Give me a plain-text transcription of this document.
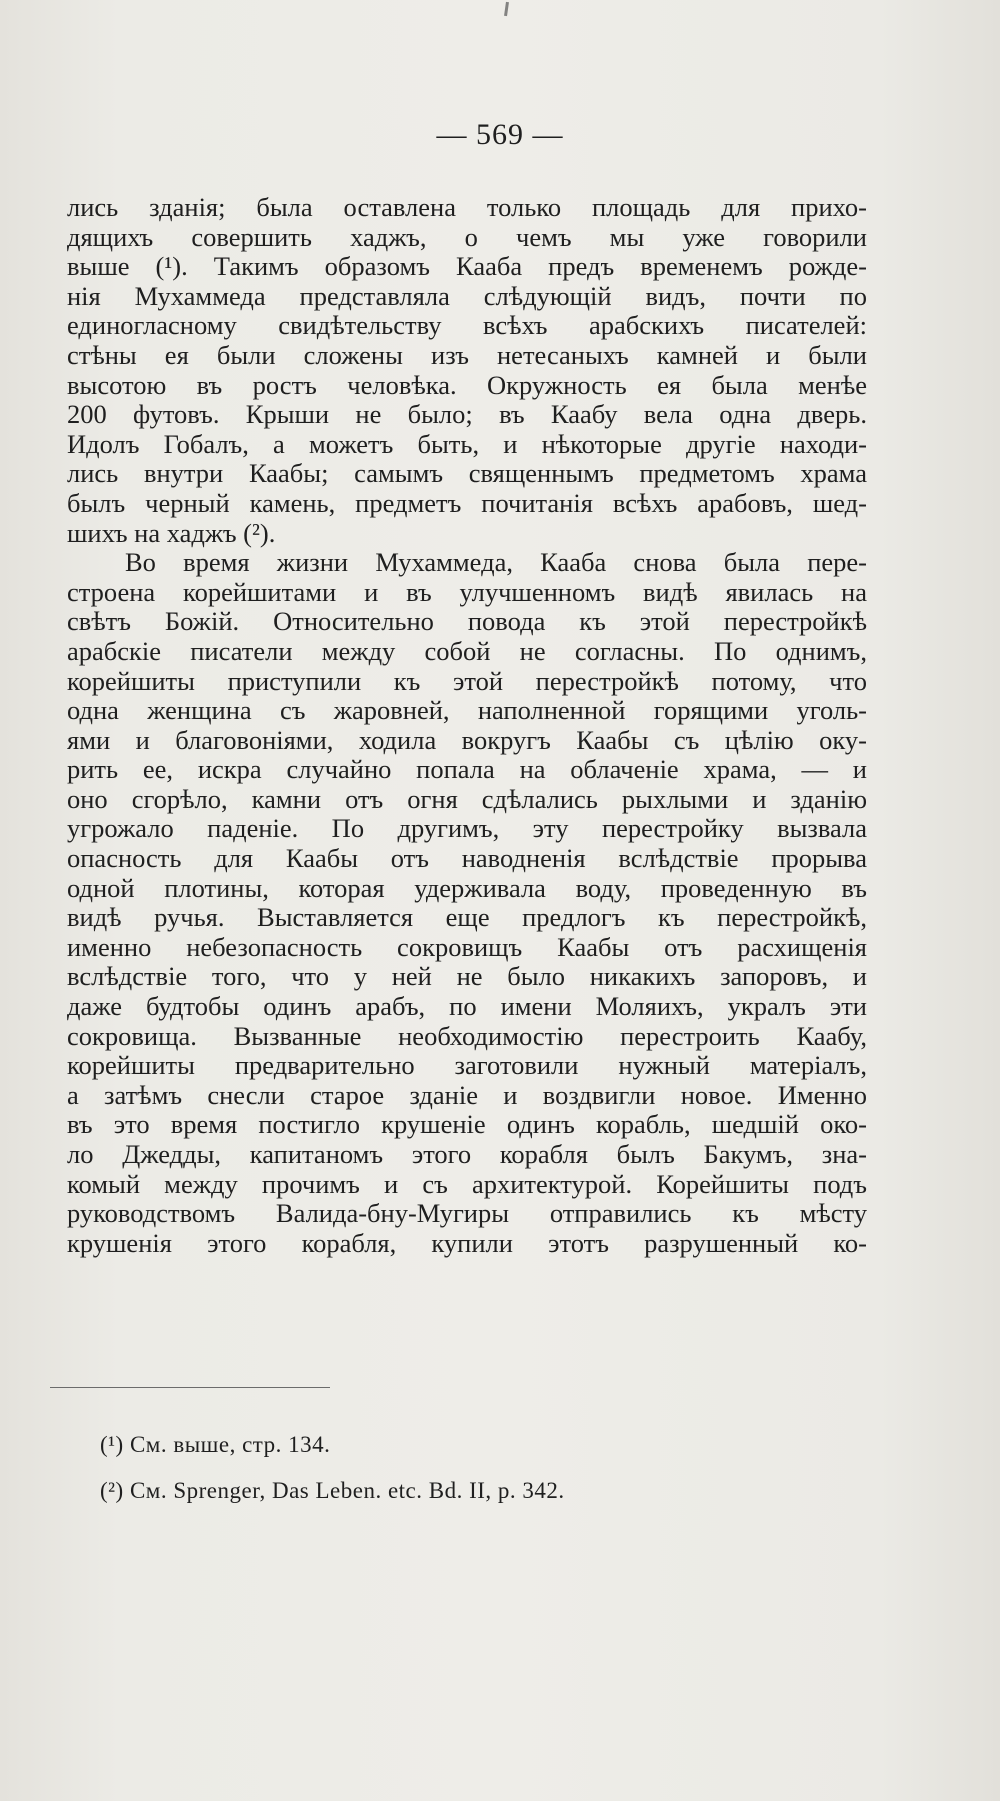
— 569 —
лись зданія; была оставлена только площадь для прихо-
дящихъ совершить хаджъ, о чемъ мы уже говорили
выше (¹). Такимъ образомъ Кааба предъ временемъ рожде-
нія Мухаммеда представляла слѣдующій видъ, почти по
единогласному свидѣтельству всѣхъ арабскихъ писателей:
стѣны ея были сложены изъ нетесаныхъ камней и были
высотою въ ростъ человѣка. Окружность ея была менѣе
200 футовъ. Крыши не было; въ Каабу вела одна дверь.
Идолъ Гобалъ, а можетъ быть, и нѣкоторые другіе находи-
лись внутри Каабы; самымъ священнымъ предметомъ храма
былъ черный камень, предметъ почитанія всѣхъ арабовъ, шед-
шихъ на хаджъ (²).
Во время жизни Мухаммеда, Кааба снова была пере-
строена корейшитами и въ улучшенномъ видѣ явилась на
свѣтъ Божій. Относительно повода къ этой перестройкѣ
арабскіе писатели между собой не согласны. По однимъ,
корейшиты приступили къ этой перестройкѣ потому, что
одна женщина съ жаровней, наполненной горящими уголь-
ями и благовоніями, ходила вокругъ Каабы съ цѣлію оку-
рить ее, искра случайно попала на облаченіе храма, — и
оно сгорѣло, камни отъ огня сдѣлались рыхлыми и зданію
угрожало паденіе. По другимъ, эту перестройку вызвала
опасность для Каабы отъ наводненія вслѣдствіе прорыва
одной плотины, которая удерживала воду, проведенную въ
видѣ ручья. Выставляется еще предлогъ къ перестройкѣ,
именно небезопасность сокровищъ Каабы отъ расхищенія
вслѣдствіе того, что у ней не было никакихъ запоровъ, и
даже будтобы одинъ арабъ, по имени Моляихъ, укралъ эти
сокровища. Вызванные необходимостію перестроить Каабу,
корейшиты предварительно заготовили нужный матеріалъ,
а затѣмъ снесли старое зданіе и воздвигли новое. Именно
въ это время постигло крушеніе одинъ корабль, шедшій око-
ло Джедды, капитаномъ этого корабля былъ Бакумъ, зна-
комый между прочимъ и съ архитектурой. Корейшиты подъ
руководствомъ Валида-бну-Мугиры отправились къ мѣсту
крушенія этого корабля, купили этотъ разрушенный ко-
(¹) См. выше, стр. 134.
(²) См. Sprenger, Das Leben. etc. Bd. II, p. 342.
